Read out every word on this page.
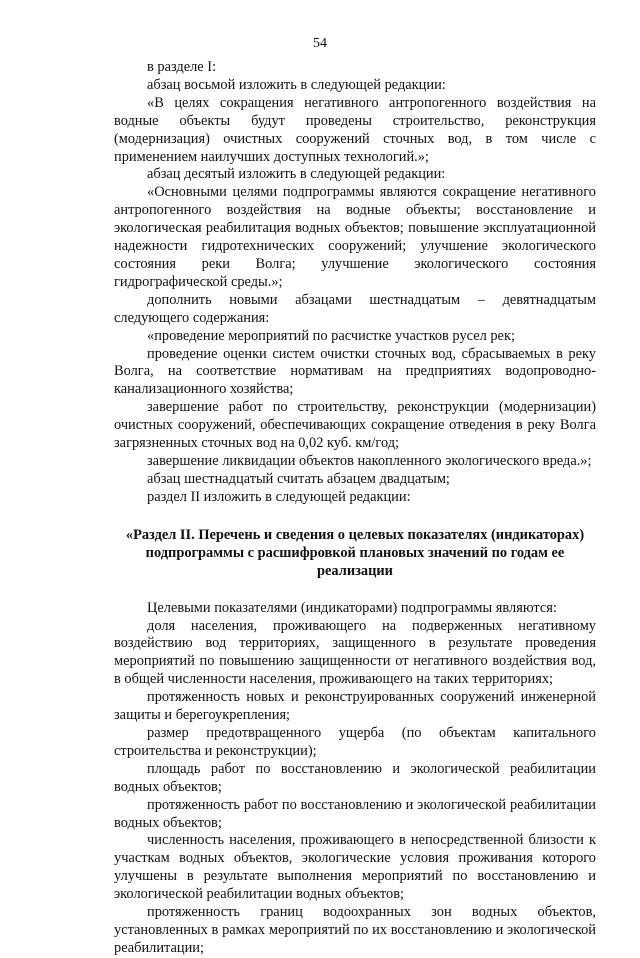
54

в разделе I:

абзац восьмой изложить в следующей редакции:

«В целях сокращения негативного антропогенного воздействия на водные объекты будут проведены строительство, реконструкция (модернизация) очистных сооружений сточных вод, в том числе с применением наилучших доступных технологий.»;

абзац десятый изложить в следующей редакции:

«Основными целями подпрограммы являются сокращение негативного антропогенного воздействия на водные объекты; восстановление и экологическая реабилитация водных объектов; повышение эксплуатационной надежности гидротехнических сооружений; улучшение экологического состояния реки Волга; улучшение экологического состояния гидрографической среды.»;

дополнить новыми абзацами шестнадцатым – девятнадцатым следующего содержания:

«проведение мероприятий по расчистке участков русел рек;

проведение оценки систем очистки сточных вод, сбрасываемых в реку Волга, на соответствие нормативам на предприятиях водопроводно-канализационного хозяйства;

завершение работ по строительству, реконструкции (модернизации) очистных сооружений, обеспечивающих сокращение отведения в реку Волга загрязненных сточных вод на 0,02 куб. км/год;

завершение ликвидации объектов накопленного экологического вреда.»;

абзац шестнадцатый считать абзацем двадцатым;

раздел II изложить в следующей редакции:

«Раздел II. Перечень и сведения о целевых показателях (индикаторах)
подпрограммы с расшифровкой плановых значений по годам ее реализации

Целевыми показателями (индикаторами) подпрограммы являются:

доля населения, проживающего на подверженных негативному воздействию вод территориях, защищенного в результате проведения мероприятий по повышению защищенности от негативного воздействия вод, в общей численности населения, проживающего на таких территориях;

протяженность новых и реконструированных сооружений инженерной защиты и берегоукрепления;

размер предотвращенного ущерба (по объектам капитального строительства и реконструкции);

площадь работ по восстановлению и экологической реабилитации водных объектов;

протяженность работ по восстановлению и экологической реабилитации водных объектов;

численность населения, проживающего в непосредственной близости к участкам водных объектов, экологические условия проживания которого улучшены в результате выполнения мероприятий по восстановлению и экологической реабилитации водных объектов;

протяженность границ водоохранных зон водных объектов, установленных в рамках мероприятий по их восстановлению и экологической реабилитации;
